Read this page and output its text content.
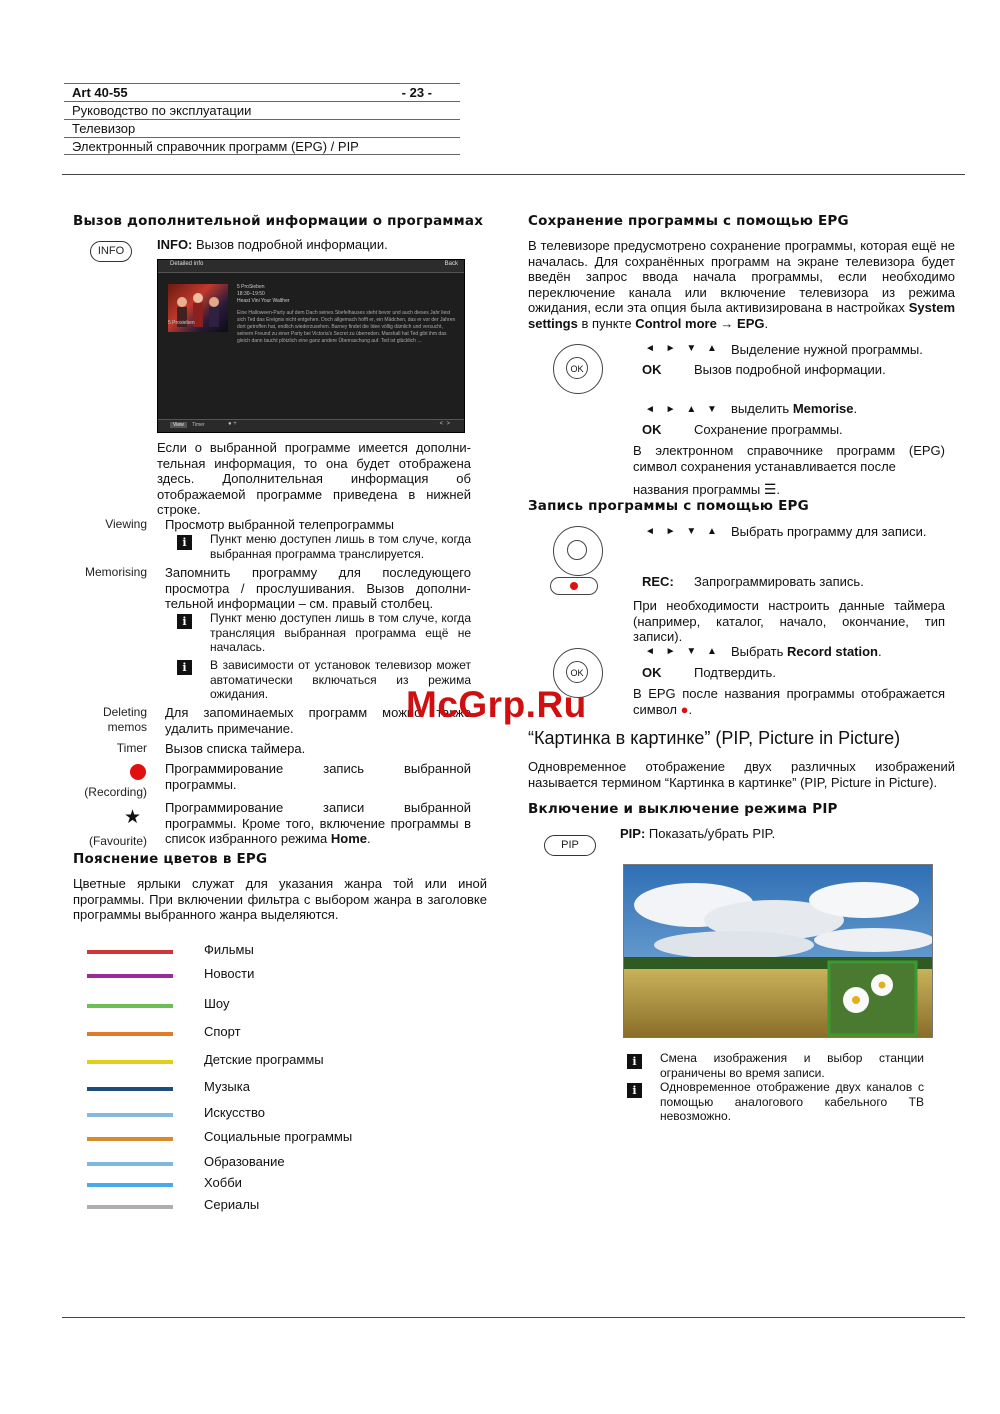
Art 40-55	- 23 -
Руководство по эксплуатации
Телевизор
Электронный справочник программ (EPG) / PIP
Вызов дополнительной информации о программах
INFO	INFO: Вызов подробной информации.
Detailed info	Back
5 Prosieben
5 ProSieben
18:30–19:50
Heast Vini Your Walther
Eine Halloween-Party auf dem Dach seines Stiefelhauses steht bevor und auch dieses Jahr liest sich Ted das Ereignis nicht entgehen. Doch allgemach hofft er, ein Mädchen, das er vor der Jahren dort getroffen hat, endlich wiederzusehen. Barney findet die Idee völlig dämlich und versucht, seinem Freund zu einer Party bei Victoria's Secret zu überreden. Marshall hat Ted gibt ihm das gleich dann taucht plötzlich eine ganz andere Überraschung auf. Ted ist glücklich ...
View	Timer	● +	<  >
Если о выбранной программе имеется дополни-тельная информация, то она будет отображена здесь. Дополнительная информация об отображаемой программе приведена в нижней строке.
Viewing Просмотр выбранной телепрограммы
i	Пункт меню доступен лишь в том случе, когда выбранная программа транслируется.
Memorising Запомнить программу для последующего просмотра / прослушивания. Вызов дополни-тельной информации – см. правый столбец.
i	Пункт меню доступен лишь в том случе, когда трансляция выбранная программа ещё не началась.
i	В зависимости от установок телевизор может автоматически включаться из режима ожидания.
Deleting
memos
Для запоминаемых программ можно также удалить примечание.
Timer Вызов списка таймера.
(Recording)
Программирование запись выбранной программы.
★
(Favourite)
Программирование записи выбранной программы. Кроме того, включение программы в список избранного режима Home.
Пояснение цветов в EPG
Цветные ярлыки служат для указания жанра той или иной программы. При включении фильтра с выбором жанра в заголовке программы выбранного жанра выделяются.
Фильмы
Новости
Шоу
Спорт
Детские программы
Музыка
Искусство
Социальные программы
Образование
Хобби
Сериалы
Сохранение программы с помощью EPG
В телевизоре предусмотрено сохранение программы, которая ещё не началась. Для сохранённых программ на экране телевизора будет введён запрос ввода начала программы, если необходимо переключение канала или включение телевизора из режима ожидания, если эта опция была активизирована в настройках System settings в пункте Control more → EPG.
OK
◄ ► ▼ ▲ Выделение нужной программы.
OK	Вызов подробной информации.
◄ ► ▲ ▼ выделить Memorise.
OK	Сохранение программы.
В электронном справочнике программ (EPG) символ сохранения устанавливается после
названия программы ☰.
Запись программы с помощью EPG
◄ ► ▼ ▲ Выбрать программу для записи.
REC: Запрограммировать запись.
При необходимости настроить данные таймера (например, каталог, начало, окончание, тип записи).
OK
◄ ► ▼ ▲ Выбрать Record station.
OK	Подтвердить.
В EPG после названия программы отображается символ ●.
“Картинка в картинке” (PIP, Picture in Picture)
Одновременное отображение двух различных изображений называется термином “Картинка в картинке” (PIP, Picture in Picture).
Включение и выключение режима PIP
PIP
PIP: Показать/убрать PIP.
i	Смена изображения и выбор станции ограничены во время записи.
i	Одновременное отображение двух каналов с помощью аналогового кабельного ТВ невозможно.
McGrp.Ru
